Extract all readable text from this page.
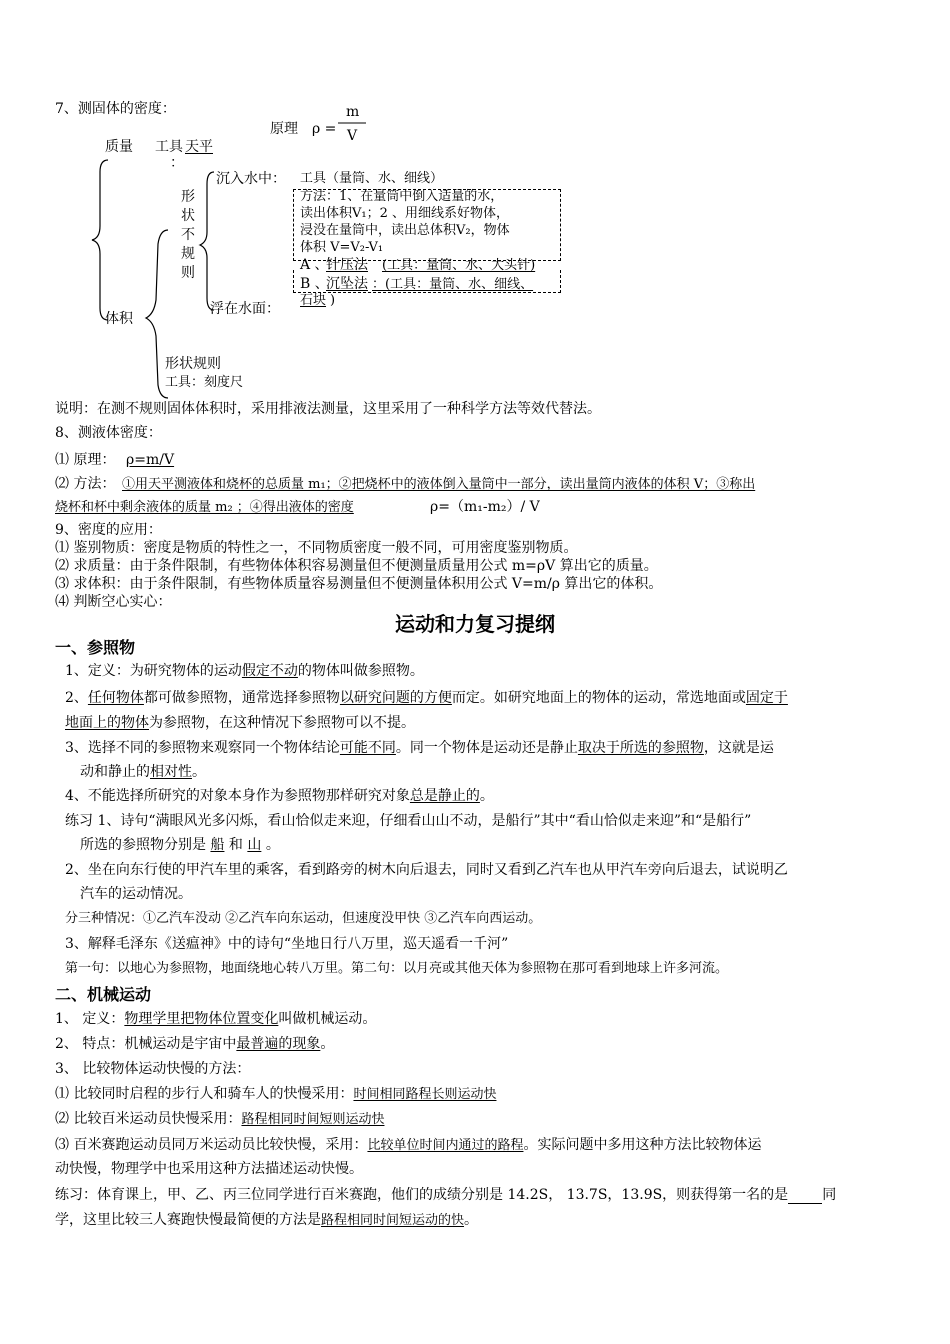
7、测固体的密度：
原理 ρ =
m
V
质量 工具 天平
：
形状不规则
沉入水中： 工具（量筒、水、细线）
方法：1、在量筒中倒入适量的水，
读出体积V₁；2 、用细线系好物体，
浸没在量筒中，读出总体积V₂，物体
体积 V=V₂-V₁
A 、
针压法 (工具：量筒、水、大头针)
B 、
沉坠法 ：(工具：量筒、水、细线、
石块 )
浮在水面：
体积
形状规则
工具：刻度尺
说明：在测不规则固体体积时，采用排液法测量，这里采用了一种科学方法等效代替法。
8、测液体密度：
⑴ 原理： ρ=m/V
⑵ 方法： ①用天平测液体和烧杯的总质量 m₁；②把烧杯中的液体倒入量筒中一部分，读出量筒内液体的体积 V；③称出
烧杯和杯中剩余液体的质量 m₂ ；④得出液体的密度	ρ=（m₁-m₂）/ V
9、密度的应用：
⑴ 鉴别物质：密度是物质的特性之一，不同物质密度一般不同，可用密度鉴别物质。
⑵ 求质量：由于条件限制，有些物体体积容易测量但不便测量质量用公式 m=ρV 算出它的质量。
⑶ 求体积：由于条件限制，有些物体质量容易测量但不便测量体积用公式 V=m/ρ 算出它的体积。
⑷ 判断空心实心：
运动和力复习提纲
一、参照物
1、定义：为研究物体的运动假定不动的物体叫做参照物。
2、任何物体都可做参照物，通常选择参照物以研究问题的方便而定。如研究地面上的物体的运动，常选地面或固定于
地面上的物体为参照物，在这种情况下参照物可以不提。
3、选择不同的参照物来观察同一个物体结论可能不同。同一个物体是运动还是静止取决于所选的参照物，这就是运
动和静止的相对性。
4、不能选择所研究的对象本身作为参照物那样研究对象总是静止的。
练习 1、诗句“满眼风光多闪烁，看山恰似走来迎，仔细看山山不动，是船行”其中“看山恰似走来迎”和“是船行”
所选的参照物分别是 船 和 山 。
2、坐在向东行使的甲汽车里的乘客，看到路旁的树木向后退去，同时又看到乙汽车也从甲汽车旁向后退去，试说明乙
汽车的运动情况。
分三种情况：①乙汽车没动 ②乙汽车向东运动，但速度没甲快 ③乙汽车向西运动。
3、解释毛泽东《送瘟神》中的诗句“坐地日行八万里，巡天遥看一千河”
第一句：以地心为参照物，地面绕地心转八万里。第二句：以月亮或其他天体为参照物在那可看到地球上许多河流。
二、机械运动
1、 定义：物理学里把物体位置变化叫做机械运动。
2、 特点：机械运动是宇宙中最普遍的现象。
3、 比较物体运动快慢的方法：
⑴ 比较同时启程的步行人和骑车人的快慢采用：时间相同路程长则运动快
⑵ 比较百米运动员快慢采用：路程相同时间短则运动快
⑶ 百米赛跑运动员同万米运动员比较快慢，采用：比较单位时间内通过的路程。实际问题中多用这种方法比较物体运
动快慢，物理学中也采用这种方法描述运动快慢。
练习：体育课上，甲、乙、丙三位同学进行百米赛跑，他们的成绩分别是 14.2S， 13.7S，13.9S，则获得第一名的是 同
学，这里比较三人赛跑快慢最简便的方法是路程相同时间短运动的快。
